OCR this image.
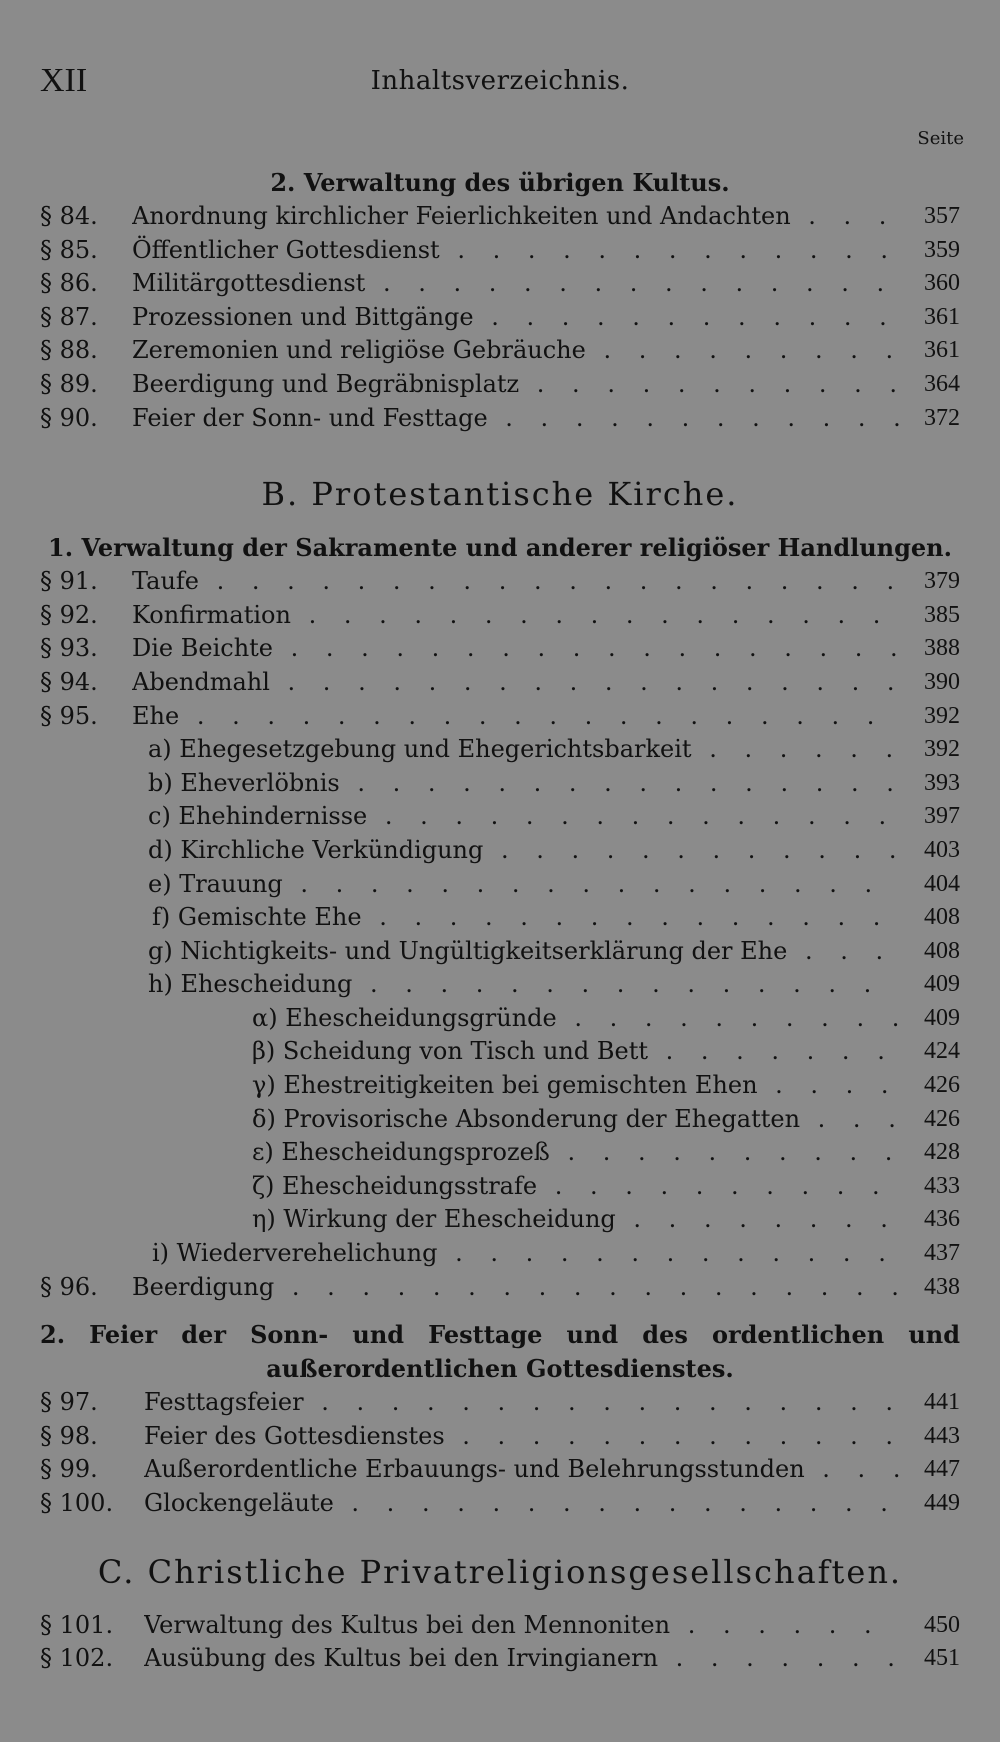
XII	Inhaltsverzeichnis.
Seite
2. Verwaltung des übrigen Kultus.
§ 84.	Anordnung kirchlicher Feierlichkeiten und Andachten . . .	357
§ 85.	Öffentlicher Gottesdienst . . .	359
§ 86.	Militärgottesdienst . . .	360
§ 87.	Prozessionen und Bittgänge . . .	361
§ 88.	Zeremonien und religiöse Gebräuche . . .	361
§ 89.	Beerdigung und Begräbnisplatz . . .	364
§ 90.	Feier der Sonn- und Festtage . . .	372
B. Protestantische Kirche.
1. Verwaltung der Sakramente und anderer religiöser Handlungen.
§ 91.	Taufe . . .	379
§ 92.	Konfirmation . . .	385
§ 93.	Die Beichte . . .	388
§ 94.	Abendmahl . . .	390
§ 95.	Ehe . . .	392
a) Ehegesetzgebung und Ehegerichtsbarkeit . . .	392
b) Eheverlöbnis . . .	393
c) Ehehindernisse . . .	397
d) Kirchliche Verkündigung . . .	403
e) Trauung . . .	404
f) Gemischte Ehe . . .	408
g) Nichtigkeits- und Ungültigkeitserklärung der Ehe . . .	408
h) Ehescheidung . . .	409
α) Ehescheidungsgründe . . .	409
β) Scheidung von Tisch und Bett . . .	424
γ) Ehestreitigkeiten bei gemischten Ehen . . .	426
δ) Provisorische Absonderung der Ehegatten . . .	426
ε) Ehescheidungsprozeß . . .	428
ζ) Ehescheidungsstrafe . . .	433
η) Wirkung der Ehescheidung . . .	436
i) Wiederverehelichung . . .	437
§ 96.	Beerdigung . . .	438
2. Feier der Sonn- und Festtage und des ordentlichen und außerordentlichen Gottesdienstes.
§ 97.	Festtagsfeier . . .	441
§ 98.	Feier des Gottesdienstes . . .	443
§ 99.	Außerordentliche Erbauungs- und Belehrungsstunden . . .	447
§ 100.	Glockengeläute . . .	449
C. Christliche Privatreligionsgesellschaften.
§ 101.	Verwaltung des Kultus bei den Mennoniten . . .	450
§ 102.	Ausübung des Kultus bei den Irvingianern . . .	451
